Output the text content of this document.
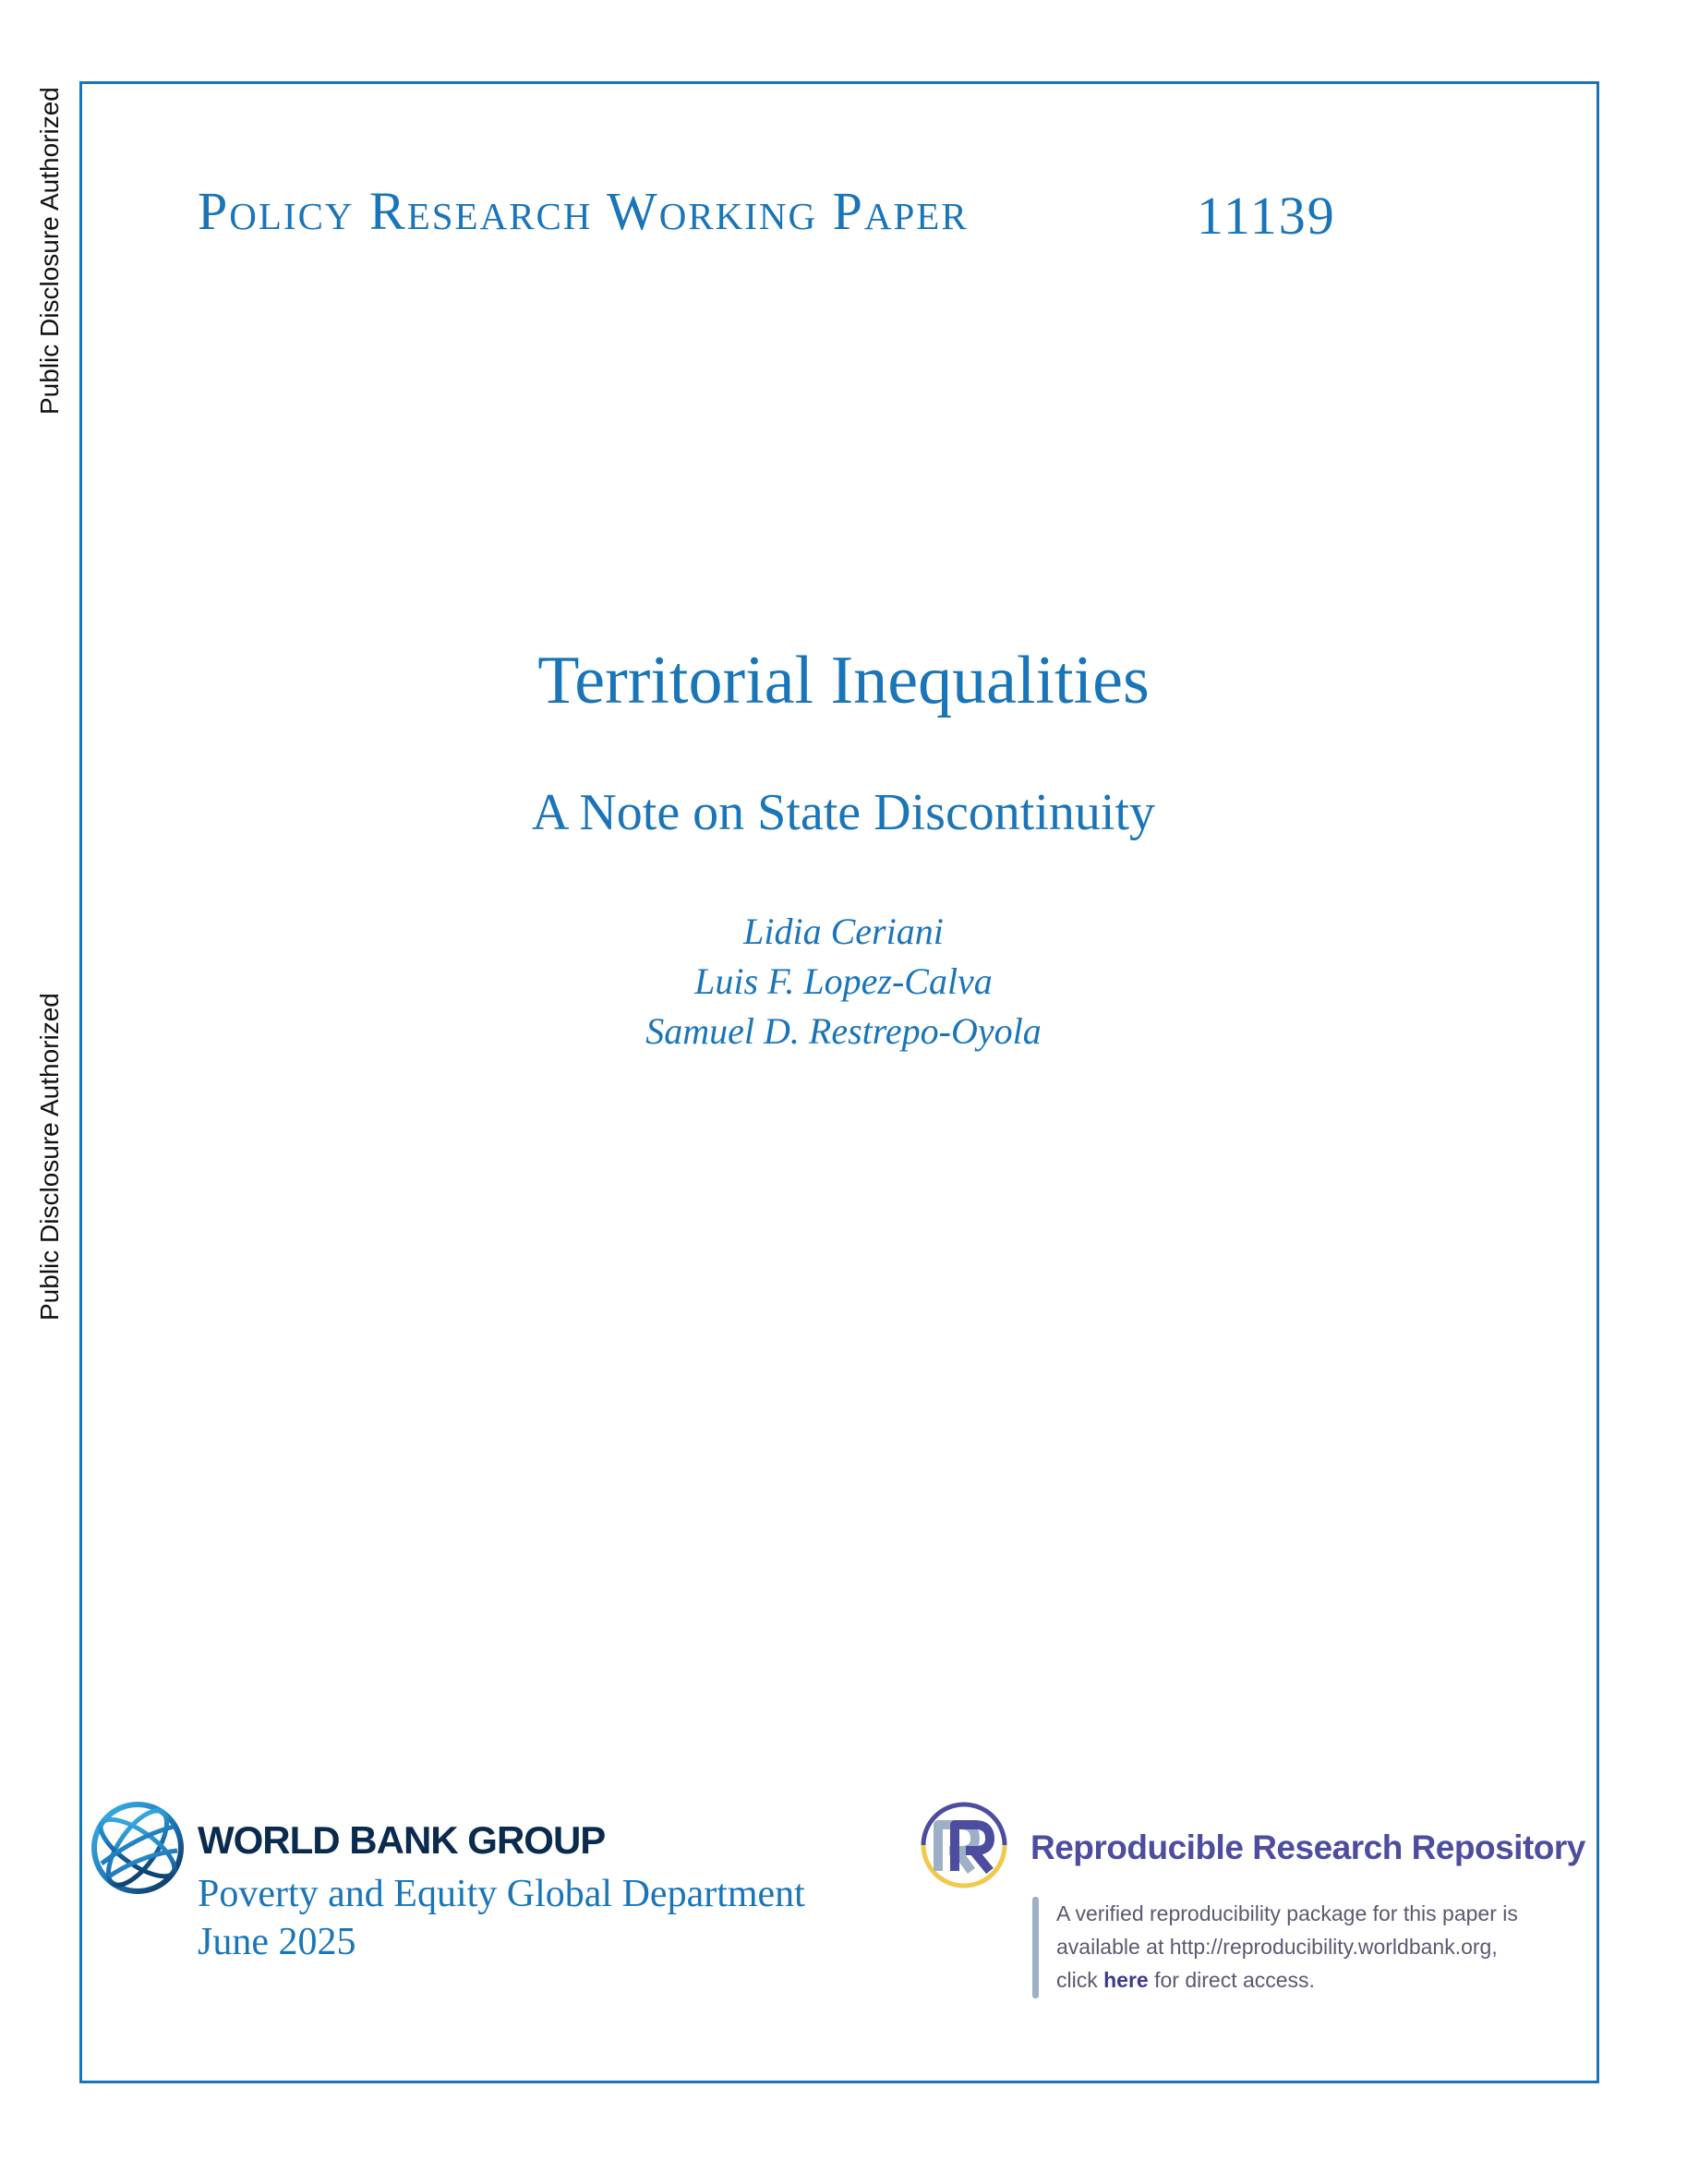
Public Disclosure Authorized
Public Disclosure Authorized
Policy Research Working Paper	11139
Territorial Inequalities
A Note on State Discontinuity
Lidia Ceriani
Luis F. Lopez-Calva
Samuel D. Restrepo-Oyola
WORLD BANK GROUP
Poverty and Equity Global Department
June 2025
Reproducible Research Repository
A verified reproducibility package for this paper is
available at http://reproducibility.worldbank.org,
click here for direct access.
